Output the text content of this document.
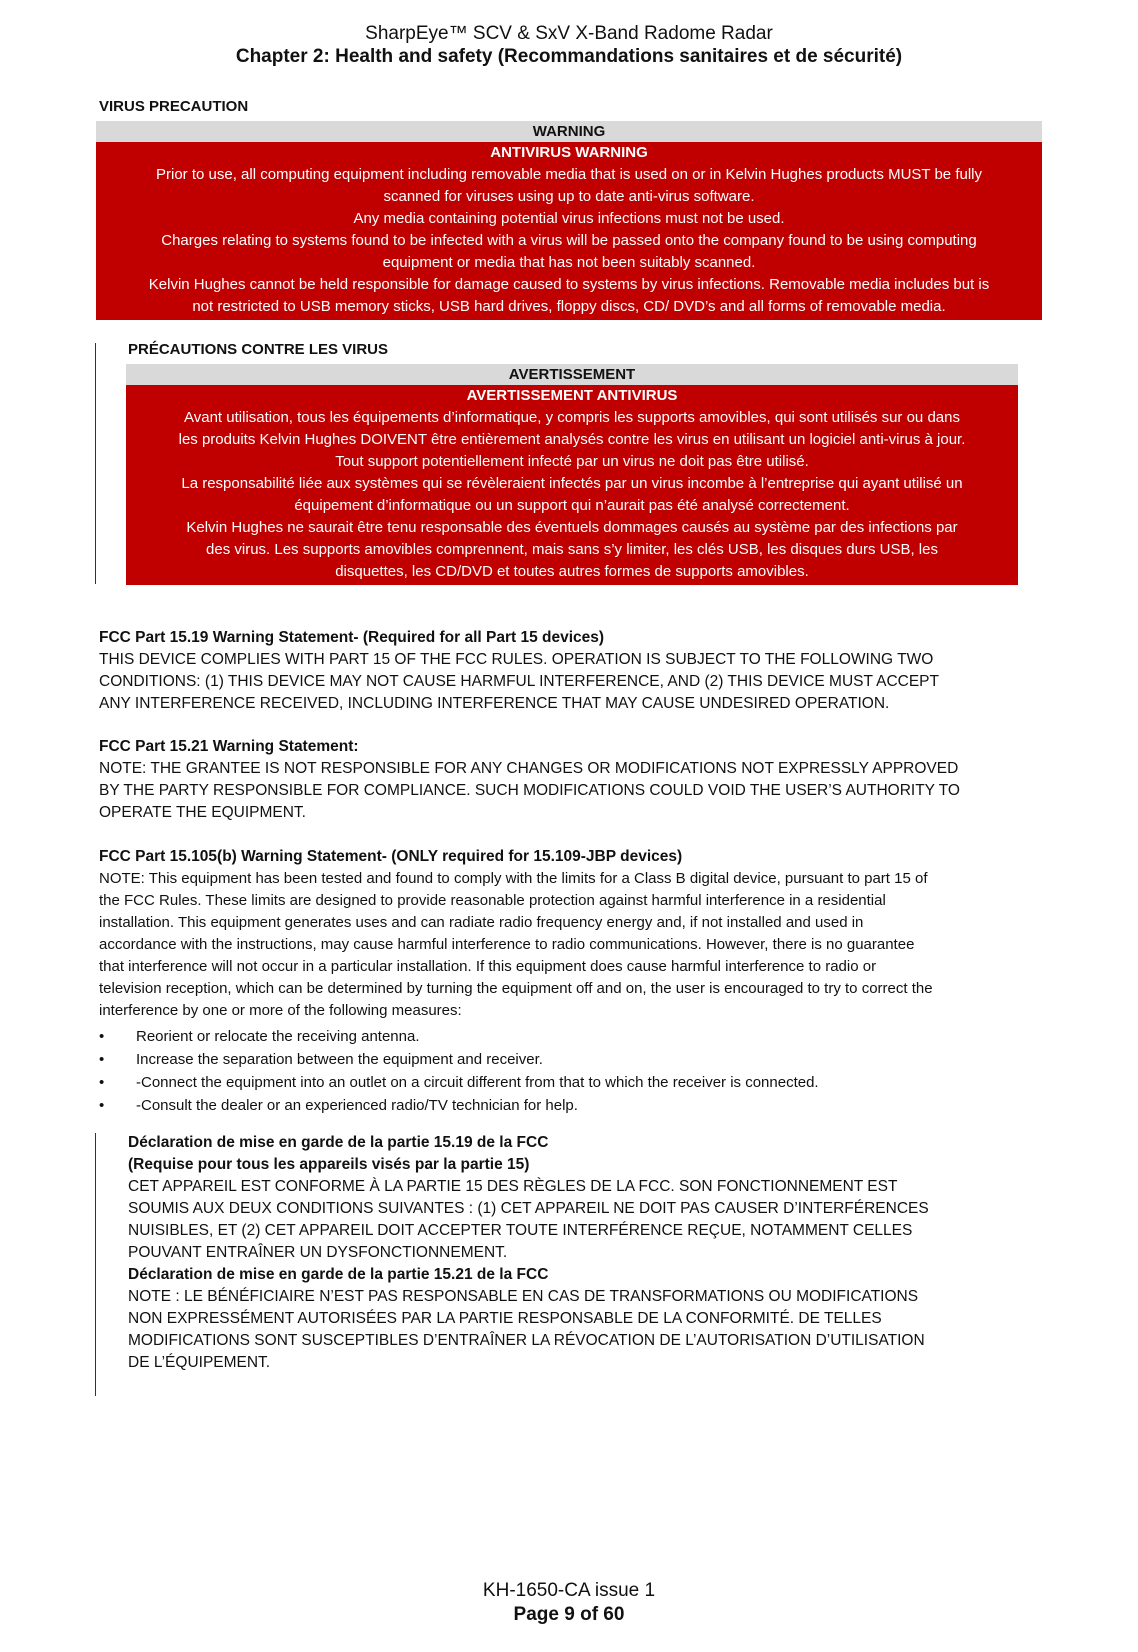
SharpEye™ SCV & SxV X-Band Radome Radar
Chapter 2: Health and safety (Recommandations sanitaires et de sécurité)
VIRUS PRECAUTION
WARNING
ANTIVIRUS WARNING

Prior to use, all computing equipment including removable media that is used on or in Kelvin Hughes products MUST be fully

scanned for viruses using up to date anti-virus software.

Any media containing potential virus infections must not be used.

Charges relating to systems found to be infected with a virus will be passed onto the company found to be using computing

equipment or media that has not been suitably scanned.

Kelvin Hughes cannot be held responsible for damage caused to systems by virus infections. Removable media includes but is

not restricted to USB memory sticks, USB hard drives, floppy discs, CD/ DVD’s and all forms of removable media.

PRÉCAUTIONS CONTRE LES VIRUS
AVERTISSEMENT
AVERTISSEMENT ANTIVIRUS

Avant utilisation, tous les équipements d’informatique, y compris les supports amovibles, qui sont utilisés sur ou dans

les produits Kelvin Hughes DOIVENT être entièrement analysés contre les virus en utilisant un logiciel anti-virus à jour.

Tout support potentiellement infecté par un virus ne doit pas être utilisé.

La responsabilité liée aux systèmes qui se révèleraient infectés par un virus incombe à l’entreprise qui ayant utilisé un

équipement d’informatique ou un support qui n’aurait pas été analysé correctement.

Kelvin Hughes ne saurait être tenu responsable des éventuels dommages causés au système par des infections par

des virus. Les supports amovibles comprennent, mais sans s’y limiter, les clés USB, les disques durs USB, les

disquettes, les CD/DVD et toutes autres formes de supports amovibles.

FCC Part 15.19 Warning Statement- (Required for all Part 15 devices)

THIS DEVICE COMPLIES WITH PART 15 OF THE FCC RULES. OPERATION IS SUBJECT TO THE FOLLOWING TWO

CONDITIONS: (1) THIS DEVICE MAY NOT CAUSE HARMFUL INTERFERENCE, AND (2) THIS DEVICE MUST ACCEPT

ANY INTERFERENCE RECEIVED, INCLUDING INTERFERENCE THAT MAY CAUSE UNDESIRED OPERATION.

FCC Part 15.21 Warning Statement:

NOTE: THE GRANTEE IS NOT RESPONSIBLE FOR ANY CHANGES OR MODIFICATIONS NOT EXPRESSLY APPROVED

BY THE PARTY RESPONSIBLE FOR COMPLIANCE. SUCH MODIFICATIONS COULD VOID THE USER’S AUTHORITY TO

OPERATE THE EQUIPMENT.

FCC Part 15.105(b) Warning Statement- (ONLY required for 15.109-JBP devices)

NOTE: This equipment has been tested and found to comply with the limits for a Class B digital device, pursuant to part 15 of

the FCC Rules. These limits are designed to provide reasonable protection against harmful interference in a residential

installation. This equipment generates uses and can radiate radio frequency energy and, if not installed and used in

accordance with the instructions, may cause harmful interference to radio communications. However, there is no guarantee

that interference will not occur in a particular installation. If this equipment does cause harmful interference to radio or

television reception, which can be determined by turning the equipment off and on, the user is encouraged to try to correct the

interference by one or more of the following measures:

• Reorient or relocate the receiving antenna.
• Increase the separation between the equipment and receiver.
• -Connect the equipment into an outlet on a circuit different from that to which the receiver is connected.
• -Consult the dealer or an experienced radio/TV technician for help.
Déclaration de mise en garde de la partie 15.19 de la FCC
(Requise pour tous les appareils visés par la partie 15)

CET APPAREIL EST CONFORME À LA PARTIE 15 DES RÈGLES DE LA FCC. SON FONCTIONNEMENT EST

SOUMIS AUX DEUX CONDITIONS SUIVANTES : (1) CET APPAREIL NE DOIT PAS CAUSER D’INTERFÉRENCES

NUISIBLES, ET (2) CET APPAREIL DOIT ACCEPTER TOUTE INTERFÉRENCE REÇUE, NOTAMMENT CELLES

POUVANT ENTRAÎNER UN DYSFONCTIONNEMENT.

Déclaration de mise en garde de la partie 15.21 de la FCC

NOTE : LE BÉNÉFICIAIRE N’EST PAS RESPONSABLE EN CAS DE TRANSFORMATIONS OU MODIFICATIONS

NON EXPRESSÉMENT AUTORISÉES PAR LA PARTIE RESPONSABLE DE LA CONFORMITÉ. DE TELLES

MODIFICATIONS SONT SUSCEPTIBLES D’ENTRAÎNER LA RÉVOCATION DE L’AUTORISATION D’UTILISATION

DE L’ÉQUIPEMENT.

KH-1650-CA issue 1
Page 9 of 60
